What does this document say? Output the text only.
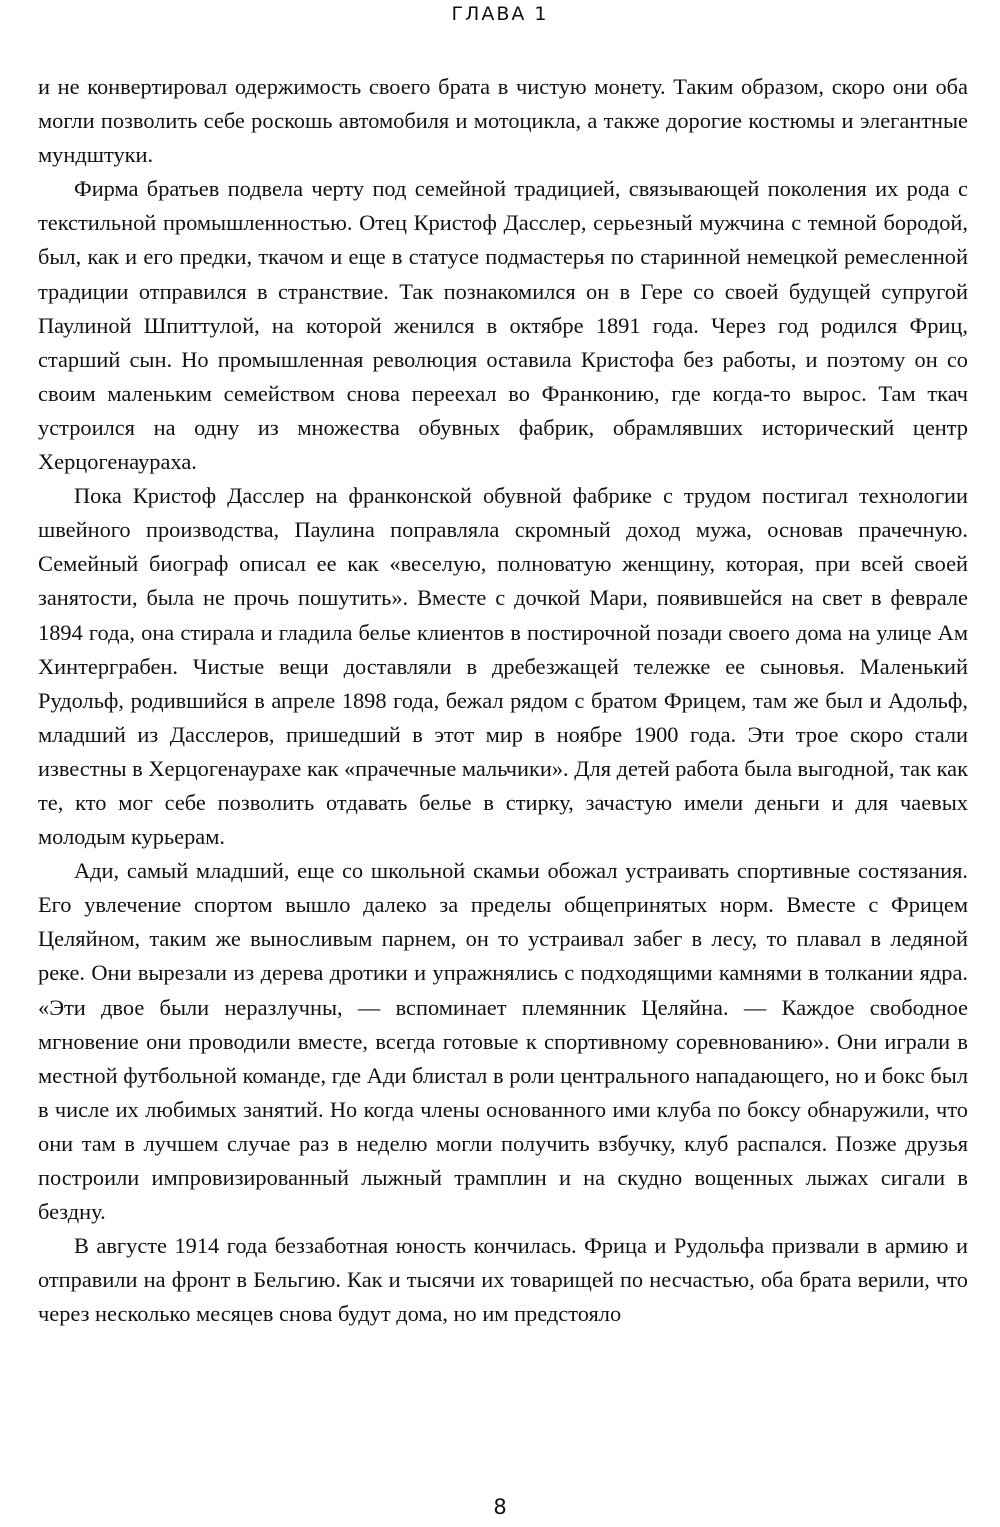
ГЛАВА 1

и не конвертировал одержимость своего брата в чистую монету. Таким образом, скоро они оба могли позволить себе роскошь автомобиля и мотоцикла, а также дорогие костюмы и элегантные мундштуки.

Фирма братьев подвела черту под семейной традицией, связывающей поколения их рода с текстильной промышленностью. Отец Кристоф Дасслер, серьезный мужчина с темной бородой, был, как и его предки, ткачом и еще в статусе подмастерья по старинной немецкой ремесленной традиции отправился в странствие. Так познакомился он в Гере со своей будущей супругой Паулиной Шпиттулой, на которой женился в октябре 1891 года. Через год родился Фриц, старший сын. Но промышленная революция оставила Кристофа без работы, и поэтому он со своим маленьким семейством снова переехал во Франконию, где когда-то вырос. Там ткач устроился на одну из множества обувных фабрик, обрамлявших исторический центр Херцогенаураха.

Пока Кристоф Дасслер на франконской обувной фабрике с трудом постигал технологии швейного производства, Паулина поправляла скромный доход мужа, основав прачечную. Семейный биограф описал ее как «веселую, полноватую женщину, которая, при всей своей занятости, была не прочь пошутить». Вместе с дочкой Мари, появившейся на свет в феврале 1894 года, она стирала и гладила белье клиентов в постирочной позади своего дома на улице Ам Хинтерграбен. Чистые вещи доставляли в дребезжащей тележке ее сыновья. Маленький Рудольф, родившийся в апреле 1898 года, бежал рядом с братом Фрицем, там же был и Адольф, младший из Дасслеров, пришедший в этот мир в ноябре 1900 года. Эти трое скоро стали известны в Херцогенаурахе как «прачечные мальчики». Для детей работа была выгодной, так как те, кто мог себе позволить отдавать белье в стирку, зачастую имели деньги и для чаевых молодым курьерам.

Ади, самый младший, еще со школьной скамьи обожал устраивать спортивные состязания. Его увлечение спортом вышло далеко за пределы общепринятых норм. Вместе с Фрицем Целяйном, таким же выносливым парнем, он то устраивал забег в лесу, то плавал в ледяной реке. Они вырезали из дерева дротики и упражнялись с подходящими камнями в толкании ядра. «Эти двое были неразлучны, — вспоминает племянник Целяйна. — Каждое свободное мгновение они проводили вместе, всегда готовые к спортивному соревнованию». Они играли в местной футбольной команде, где Ади блистал в роли центрального нападающего, но и бокс был в числе их любимых занятий. Но когда члены основанного ими клуба по боксу обнаружили, что они там в лучшем случае раз в неделю могли получить взбучку, клуб распался. Позже друзья построили импровизированный лыжный трамплин и на скудно вощенных лыжах сигали в бездну.

В августе 1914 года беззаботная юность кончилась. Фрица и Рудольфа призвали в армию и отправили на фронт в Бельгию. Как и тысячи их товарищей по несчастью, оба брата верили, что через несколько месяцев снова будут дома, но им предстояло

8
